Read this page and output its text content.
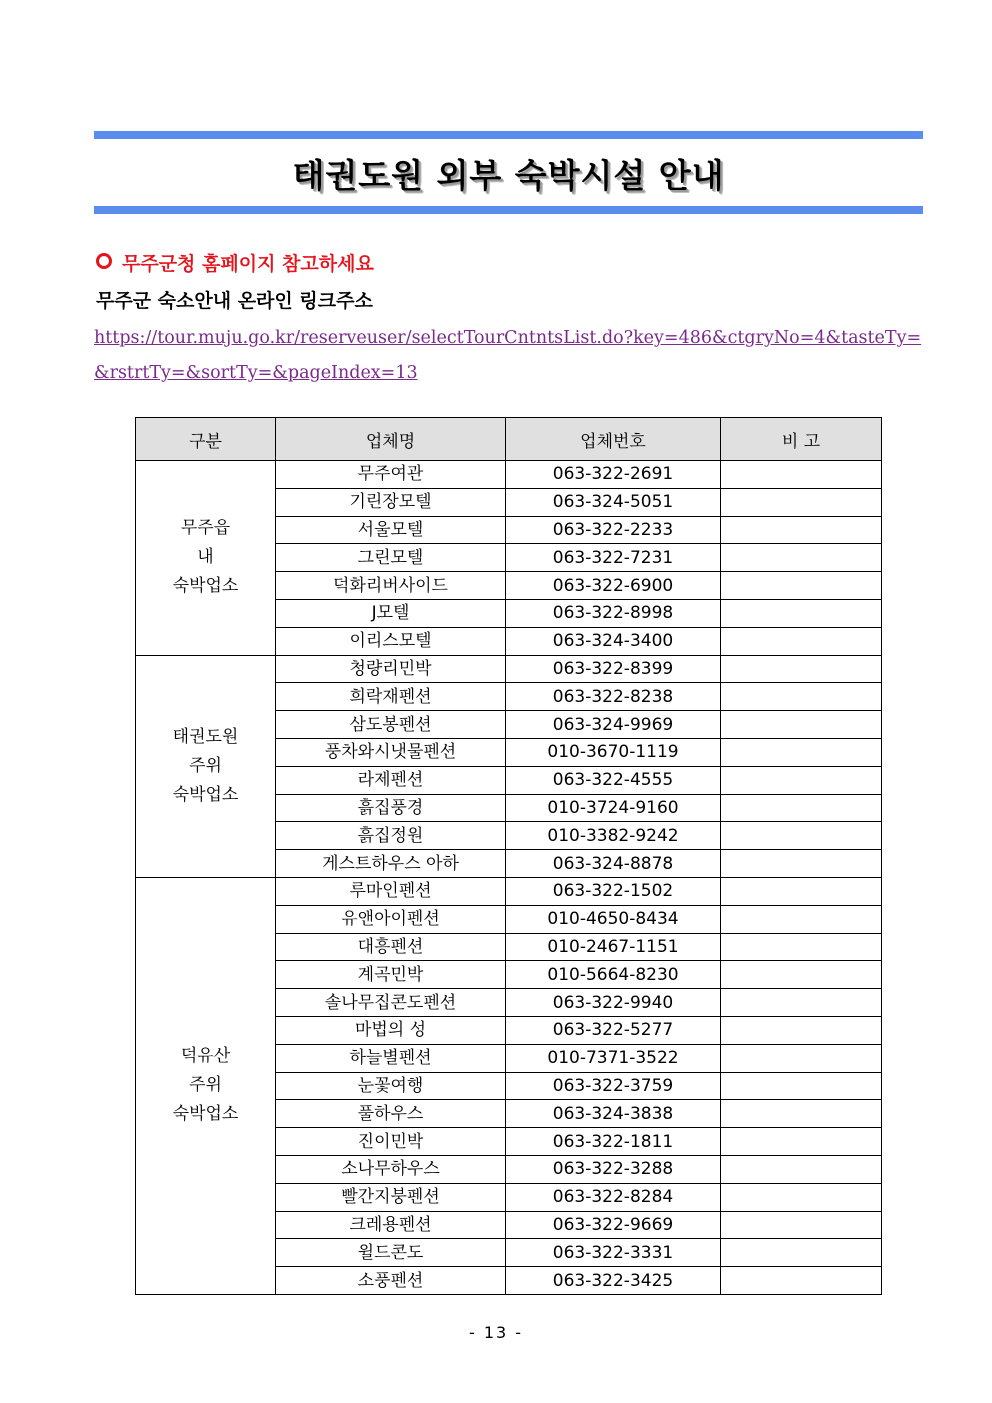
태권도원 외부 숙박시설 안내
무주군청 홈페이지 참고하세요
무주군 숙소안내 온라인 링크주소
https://tour.muju.go.kr/reserveuser/selectTourCntntsList.do?key=486&ctgryNo=4&tasteTy=&rstrtTy=&sortTy=&pageIndex=13
구분	업체명	업체번호	비 고

무주읍
내
숙박업소	무주여관	063-322-2691	
	기린장모텔	063-324-5051	
	서울모텔	063-322-2233	
	그린모텔	063-322-7231	
	덕화리버사이드	063-322-6900	
	J모텔	063-322-8998	
	이리스모텔	063-324-3400	

태권도원
주위
숙박업소	청량리민박	063-322-8399	
	희락재펜션	063-322-8238	
	삼도봉펜션	063-324-9969	
	풍차와시냇물펜션	010-3670-1119	
	라제펜션	063-322-4555	
	흙집풍경	010-3724-9160	
	흙집정원	010-3382-9242	
	게스트하우스 아하	063-324-8878	

덕유산
주위
숙박업소	루마인펜션	063-322-1502	
	유앤아이펜션	010-4650-8434	
	대흥펜션	010-2467-1151	
	계곡민박	010-5664-8230	
	솔나무집콘도펜션	063-322-9940	
	마법의 성	063-322-5277	
	하늘별펜션	010-7371-3522	
	눈꽃여행	063-322-3759	
	풀하우스	063-324-3838	
	진이민박	063-322-1811	
	소나무하우스	063-322-3288	
	빨간지붕펜션	063-322-8284	
	크레용펜션	063-322-9669	
	윌드콘도	063-322-3331	
	소풍펜션	063-322-3425	
- 13 -
